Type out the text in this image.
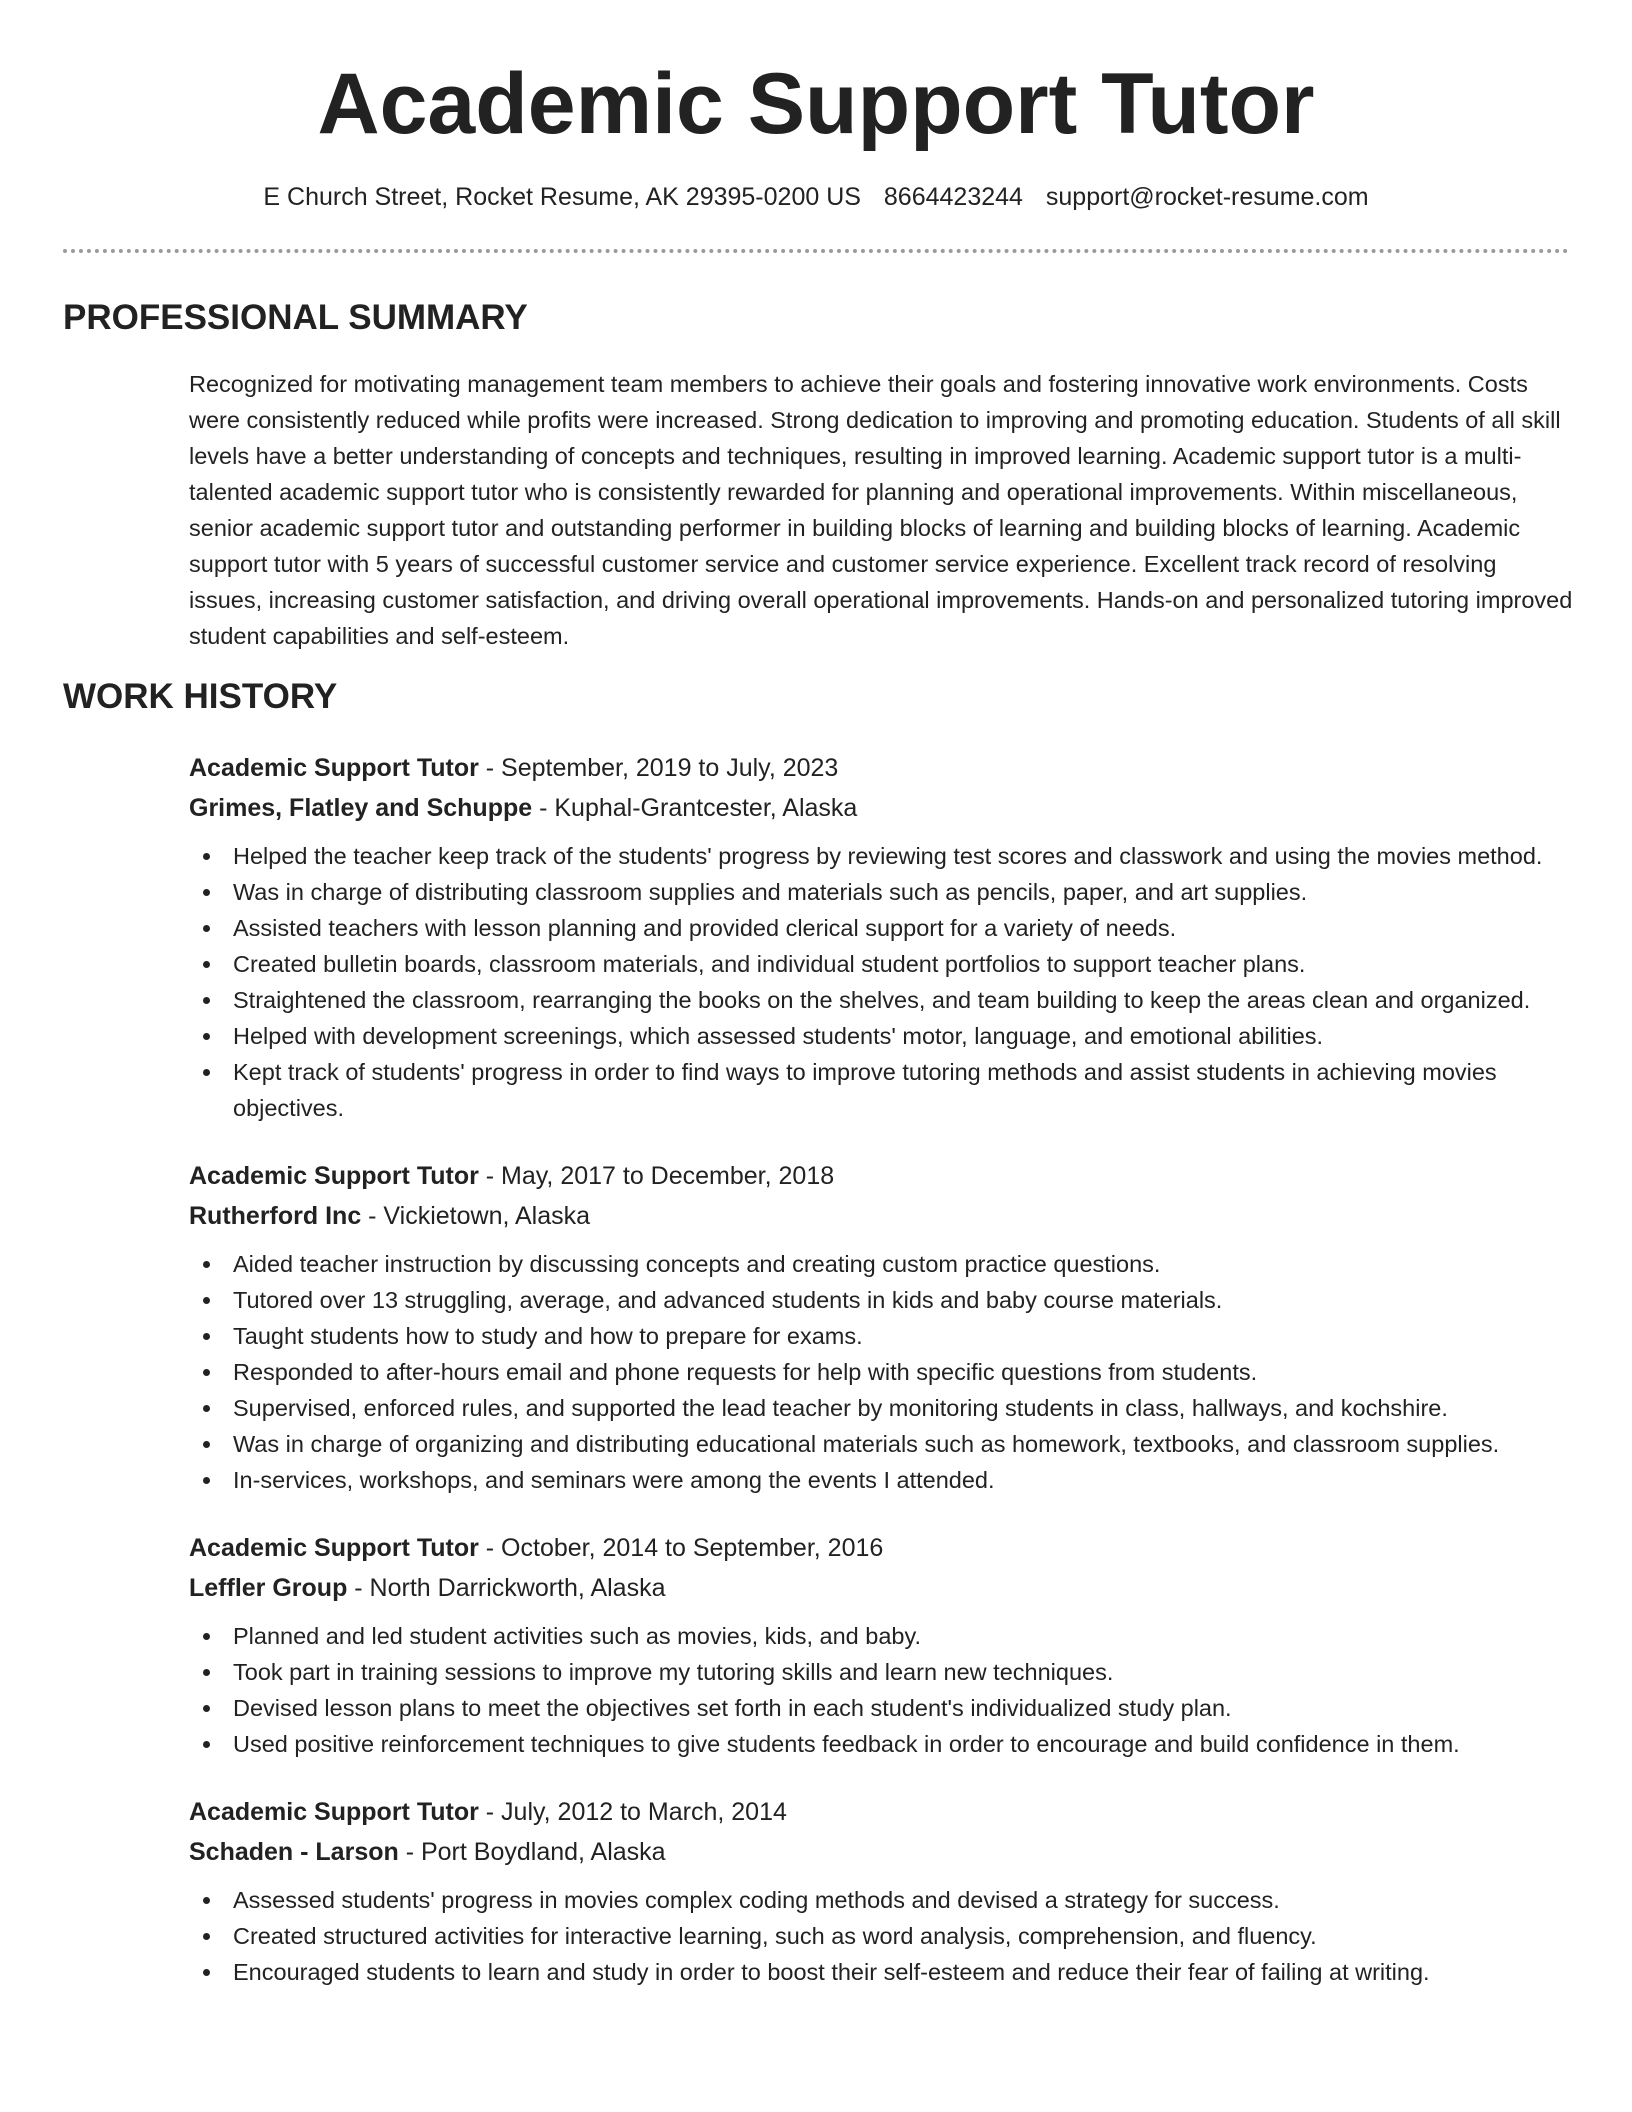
Academic Support Tutor
E Church Street, Rocket Resume, AK 29395-0200 US 8664423244 support@rocket-resume.com
PROFESSIONAL SUMMARY

Recognized for motivating management team members to achieve their goals and fostering innovative work environments. Costs were consistently reduced while profits were increased. Strong dedication to improving and promoting education. Students of all skill levels have a better understanding of concepts and techniques, resulting in improved learning. Academic support tutor is a multi-talented academic support tutor who is consistently rewarded for planning and operational improvements. Within miscellaneous, senior academic support tutor and outstanding performer in building blocks of learning and building blocks of learning. Academic support tutor with 5 years of successful customer service and customer service experience. Excellent track record of resolving issues, increasing customer satisfaction, and driving overall operational improvements. Hands-on and personalized tutoring improved student capabilities and self-esteem.

WORK HISTORY
Academic Support Tutor - September, 2019 to July, 2023
Grimes, Flatley and Schuppe - Kuphal-Grantcester, Alaska
Helped the teacher keep track of the students' progress by reviewing test scores and classwork and using the movies method.
Was in charge of distributing classroom supplies and materials such as pencils, paper, and art supplies.
Assisted teachers with lesson planning and provided clerical support for a variety of needs.
Created bulletin boards, classroom materials, and individual student portfolios to support teacher plans.
Straightened the classroom, rearranging the books on the shelves, and team building to keep the areas clean and organized.
Helped with development screenings, which assessed students' motor, language, and emotional abilities.
Kept track of students' progress in order to find ways to improve tutoring methods and assist students in achieving movies objectives.
Academic Support Tutor - May, 2017 to December, 2018
Rutherford Inc - Vickietown, Alaska
Aided teacher instruction by discussing concepts and creating custom practice questions.
Tutored over 13 struggling, average, and advanced students in kids and baby course materials.
Taught students how to study and how to prepare for exams.
Responded to after-hours email and phone requests for help with specific questions from students.
Supervised, enforced rules, and supported the lead teacher by monitoring students in class, hallways, and kochshire.
Was in charge of organizing and distributing educational materials such as homework, textbooks, and classroom supplies.
In-services, workshops, and seminars were among the events I attended.
Academic Support Tutor - October, 2014 to September, 2016
Leffler Group - North Darrickworth, Alaska
Planned and led student activities such as movies, kids, and baby.
Took part in training sessions to improve my tutoring skills and learn new techniques.
Devised lesson plans to meet the objectives set forth in each student's individualized study plan.
Used positive reinforcement techniques to give students feedback in order to encourage and build confidence in them.
Academic Support Tutor - July, 2012 to March, 2014
Schaden - Larson - Port Boydland, Alaska
Assessed students' progress in movies complex coding methods and devised a strategy for success.
Created structured activities for interactive learning, such as word analysis, comprehension, and fluency.
Encouraged students to learn and study in order to boost their self-esteem and reduce their fear of failing at writing.
